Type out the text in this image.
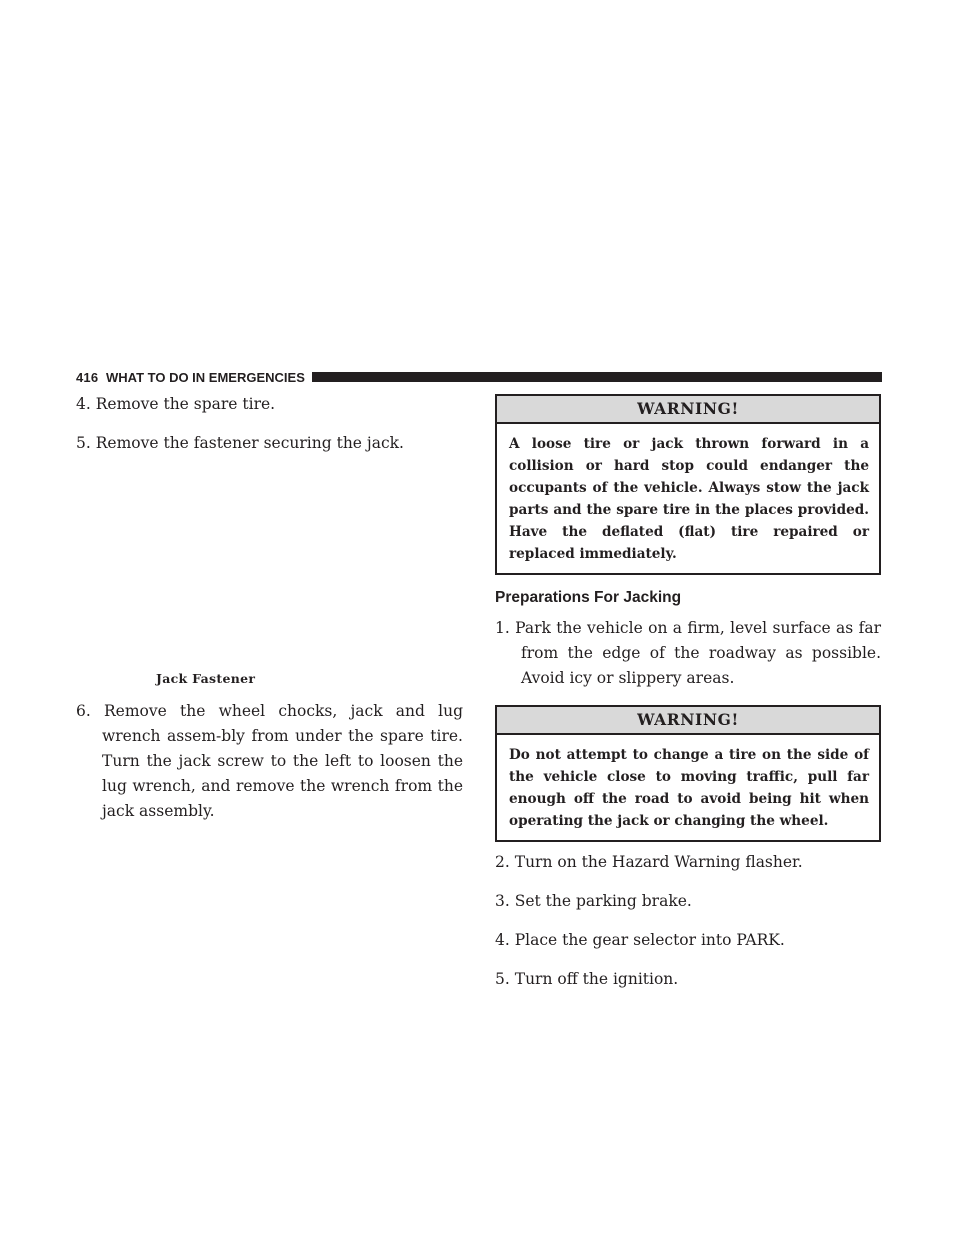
416 WHAT TO DO IN EMERGENCIES
4. Remove the spare tire.
5. Remove the fastener securing the jack.
Jack Fastener
6. Remove the wheel chocks, jack and lug wrench assem-bly from under the spare tire. Turn the jack screw to the left to loosen the lug wrench, and remove the wrench from the jack assembly.
WARNING!
A loose tire or jack thrown forward in a collision or hard stop could endanger the occupants of the vehicle. Always stow the jack parts and the spare tire in the places provided. Have the deflated (flat) tire repaired or replaced immediately.
Preparations For Jacking
1. Park the vehicle on a firm, level surface as far from the edge of the roadway as possible. Avoid icy or slippery areas.
WARNING!
Do not attempt to change a tire on the side of the vehicle close to moving traffic, pull far enough off the road to avoid being hit when operating the jack or changing the wheel.
2. Turn on the Hazard Warning flasher.
3. Set the parking brake.
4. Place the gear selector into PARK.
5. Turn off the ignition.
